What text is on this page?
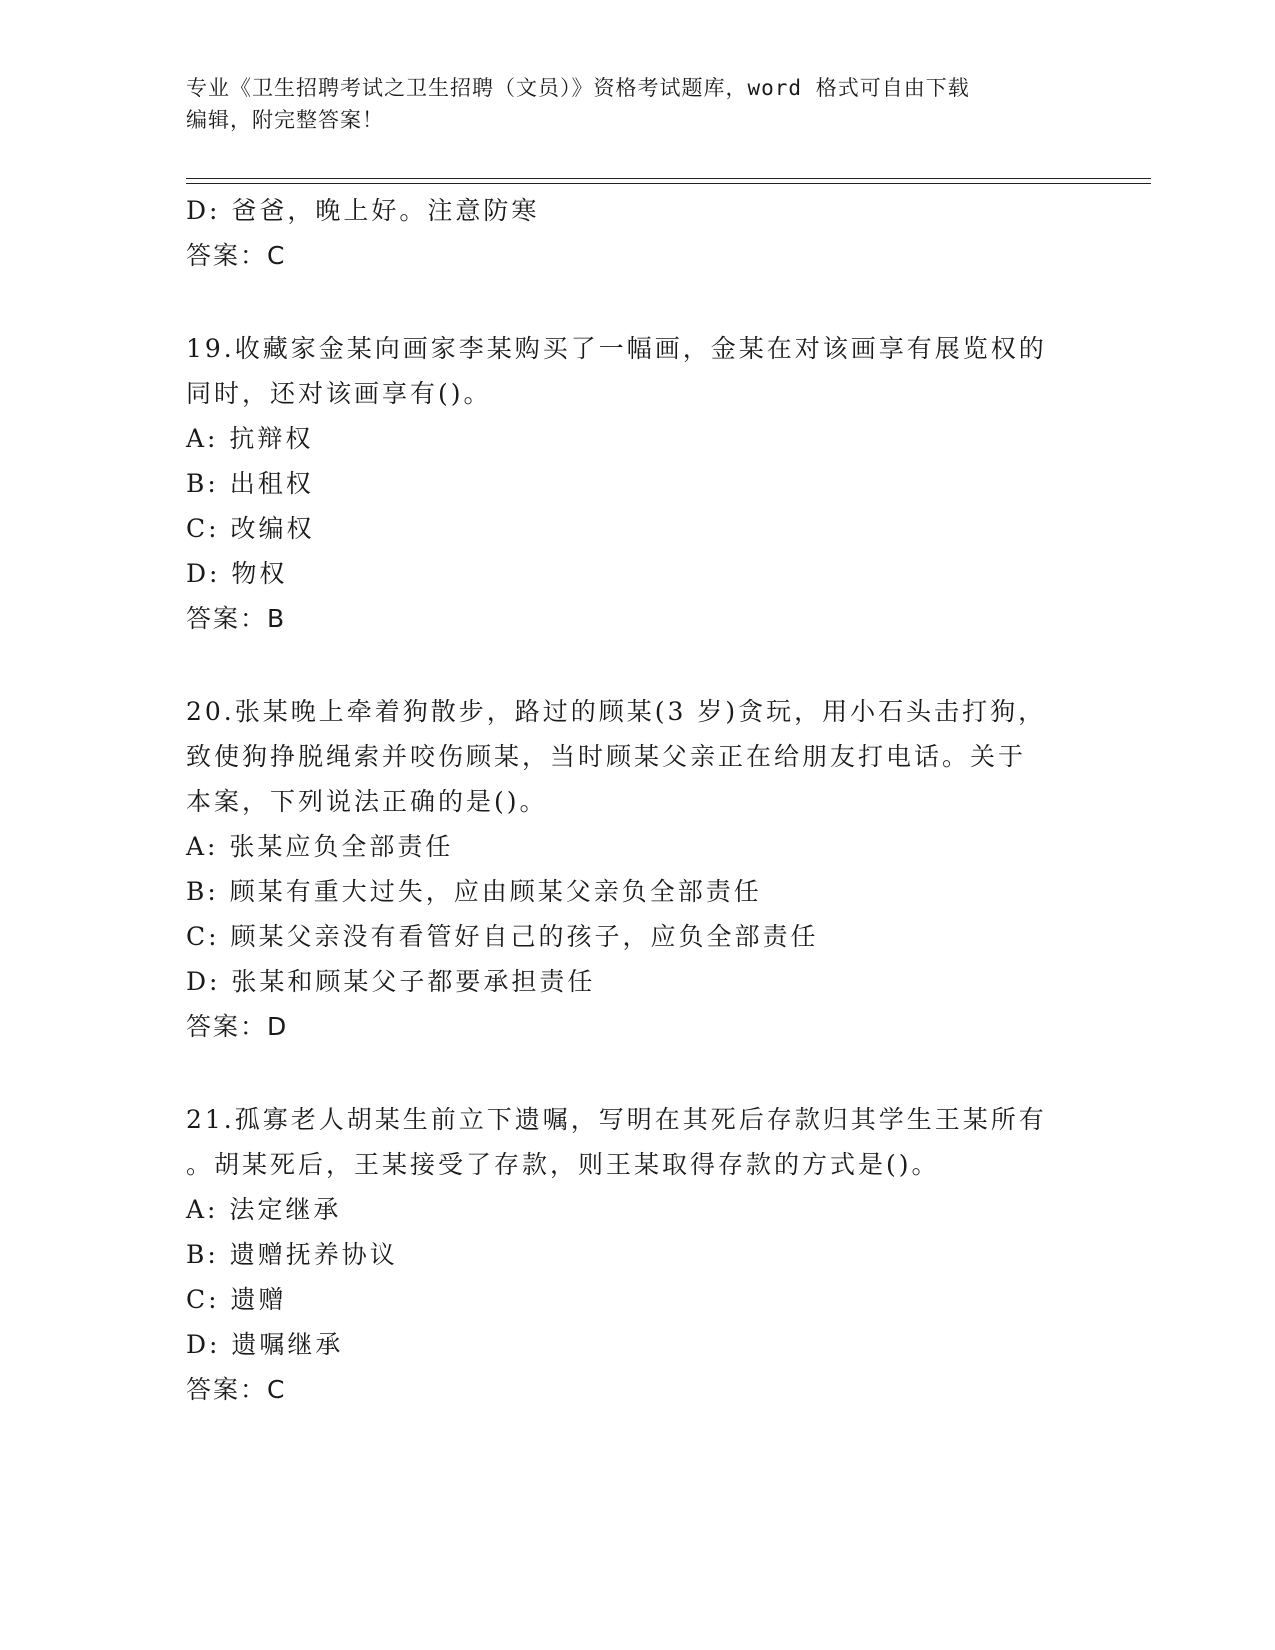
专业《卫生招聘考试之卫生招聘（文员）》资格考试题库，word 格式可自由下载
编辑，附完整答案！
D: 爸爸，晚上好。注意防寒
答案：C
19.收藏家金某向画家李某购买了一幅画，金某在对该画享有展览权的
同时，还对该画享有()。
A: 抗辩权
B: 出租权
C: 改编权
D: 物权
答案：B
20.张某晚上牵着狗散步，路过的顾某(3 岁)贪玩，用小石头击打狗，
致使狗挣脱绳索并咬伤顾某，当时顾某父亲正在给朋友打电话。关于
本案，下列说法正确的是()。
A: 张某应负全部责任
B: 顾某有重大过失，应由顾某父亲负全部责任
C: 顾某父亲没有看管好自己的孩子，应负全部责任
D: 张某和顾某父子都要承担责任
答案：D
21.孤寡老人胡某生前立下遗嘱，写明在其死后存款归其学生王某所有
。胡某死后，王某接受了存款，则王某取得存款的方式是()。
A: 法定继承
B: 遗赠抚养协议
C: 遗赠
D: 遗嘱继承
答案：C
